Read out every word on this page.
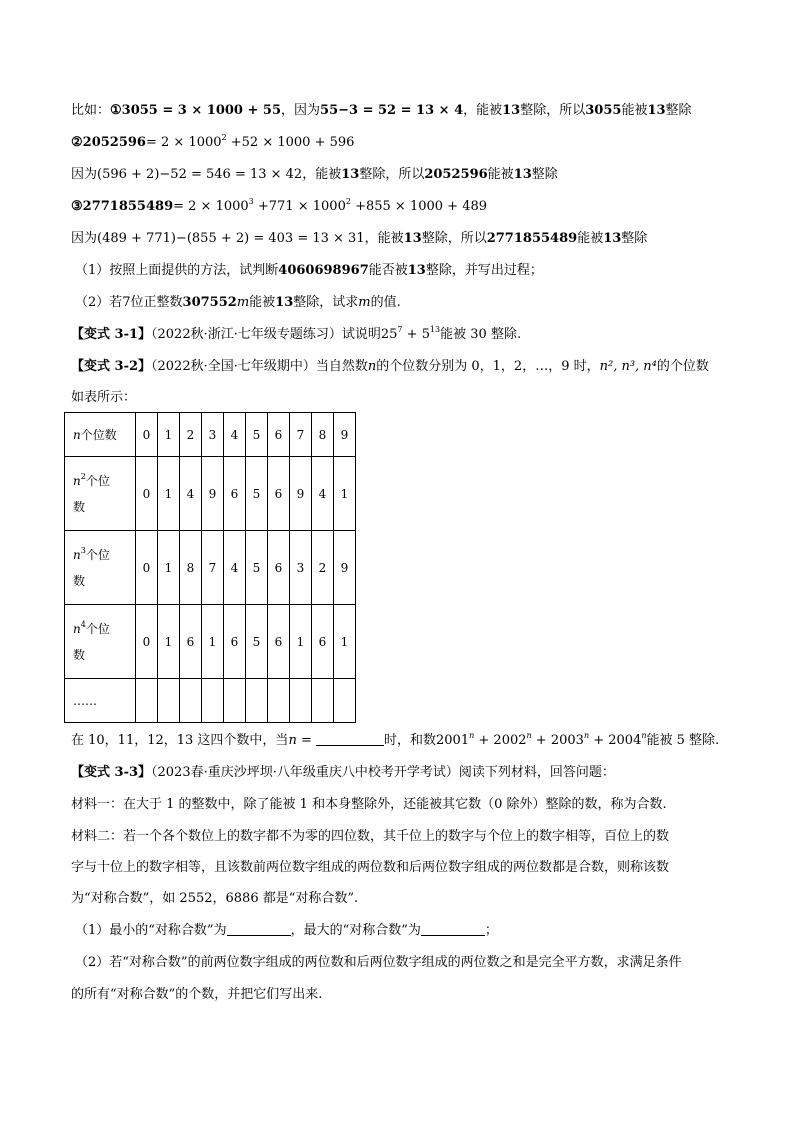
比如：①3055 = 3 × 1000 + 55，因为55−3 = 52 = 13 × 4，能被13整除，所以3055能被13整除
②2052596= $2 \times 1000^2 +52 \times 1000 + 596$
因为(596 + 2)−52 = 546 = 13 × 42，能被13整除，所以2052596能被13整除
③2771855489= $2 \times 1000^3 +771 \times 1000^2 +855 \times 1000 + 489$
因为(489 + 771)−(855 + 2) = 403 = 13 × 31，能被13整除，所以2771855489能被13整除
（1）按照上面提供的方法，试判断4060698967能否被13整除，并写出过程；
（2）若7位正整数307552m能被13整除，试求m的值.
【变式 3-1】（2022秋·浙江·七年级专题练习）试说明$25^7 + 5^{13}$能被 30 整除.
【变式 3-2】（2022秋·全国·七年级期中）当自然数n的个位数分别为 0，1，2，…，9 时，n², n³, n⁴的个位数
如表所示：
n个位数	0	1	2	3	4	5	6	7	8	9
$n^2$个位
数	0	1	4	9	6	5	6	9	4	1
$n^3$个位
数	0	1	8	7	4	5	6	3	2	9
$n^4$个位
数	0	1	6	1	6	5	6	1	6	1
……										
在 10，11，12，13 这四个数中，当n =	时，和数$2001^n + 2002^n + 2003^n + 2004^n$能被 5 整除.
【变式 3-3】（2023春·重庆沙坪坝·八年级重庆八中校考开学考试）阅读下列材料，回答问题：
材料一：在大于 1 的整数中，除了能被 1 和本身整除外，还能被其它数（0 除外）整除的数，称为合数.
材料二：若一个各个数位上的数字都不为零的四位数，其千位上的数字与个位上的数字相等，百位上的数
字与十位上的数字相等，且该数前两位数字组成的两位数和后两位数字组成的两位数都是合数，则称该数
为“对称合数”，如 2552，6886 都是“对称合数”.
（1）最小的“对称合数”为	，最大的“对称合数”为	；
（2）若“对称合数”的前两位数字组成的两位数和后两位数字组成的两位数之和是完全平方数，求满足条件
的所有“对称合数”的个数，并把它们写出来.
